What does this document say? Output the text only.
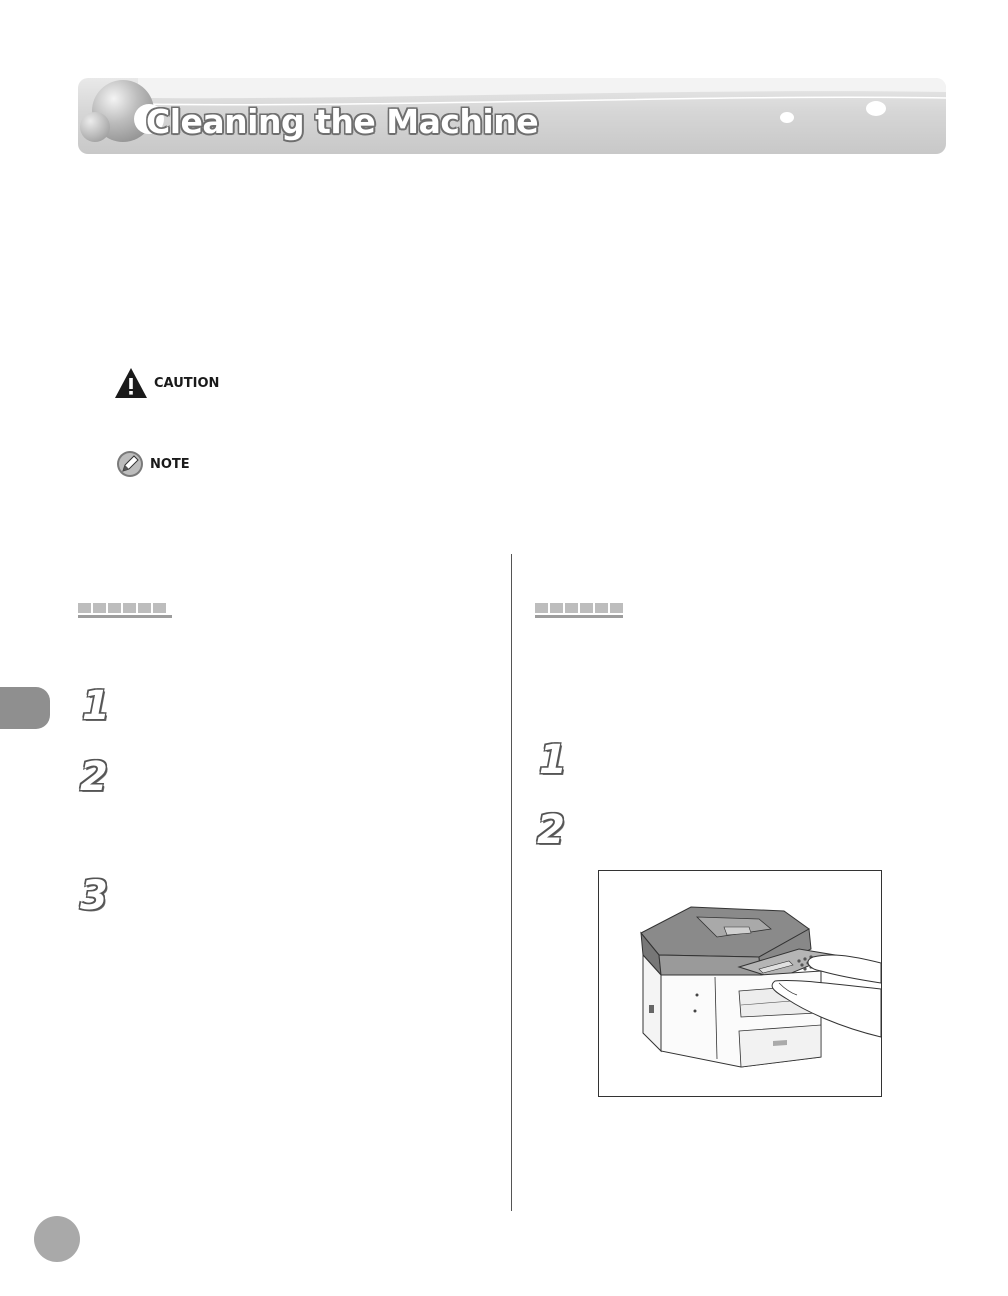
Cleaning the Machine
CAUTION
NOTE
1
2
3
1
2
